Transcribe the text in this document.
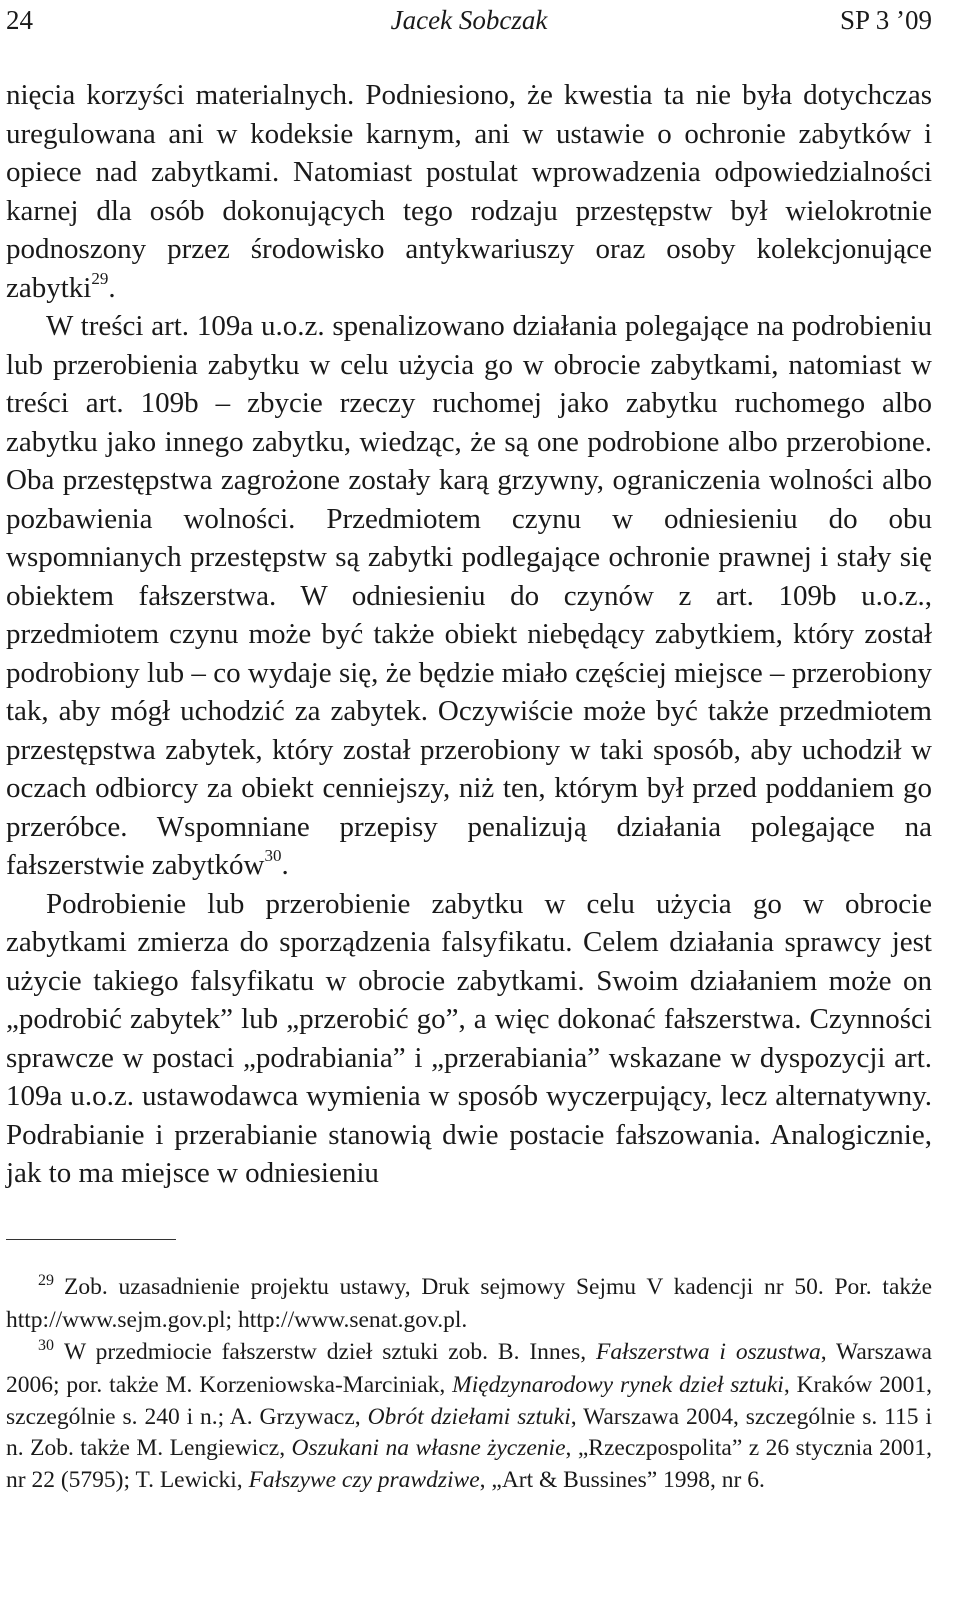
24	Jacek Sobczak	SP 3 ’09

nięcia korzyści materialnych. Podniesiono, że kwestia ta nie była dotychczas uregulowana ani w kodeksie karnym, ani w ustawie o ochronie zabytków i opiece nad zabytkami. Natomiast postulat wprowadzenia odpowiedzialności karnej dla osób dokonujących tego rodzaju przestępstw był wielokrotnie podnoszony przez środowisko antykwariuszy oraz osoby kolekcjonujące zabytki$^{29}$.

W treści art. 109a u.o.z. spenalizowano działania polegające na podrobieniu lub przerobienia zabytku w celu użycia go w obrocie zabytkami, natomiast w treści art. 109b – zbycie rzeczy ruchomej jako zabytku ruchomego albo zabytku jako innego zabytku, wiedząc, że są one podrobione albo przerobione. Oba przestępstwa zagrożone zostały karą grzywny, ograniczenia wolności albo pozbawienia wolności. Przedmiotem czynu w odniesieniu do obu wspomnianych przestępstw są zabytki podlegające ochronie prawnej i stały się obiektem fałszerstwa. W odniesieniu do czynów z art. 109b u.o.z., przedmiotem czynu może być także obiekt niebędący zabytkiem, który został podrobiony lub – co wydaje się, że będzie miało częściej miejsce – przerobiony tak, aby mógł uchodzić za zabytek. Oczywiście może być także przedmiotem przestępstwa zabytek, który został przerobiony w taki sposób, aby uchodził w oczach odbiorcy za obiekt cenniejszy, niż ten, którym był przed poddaniem go przeróbce. Wspomniane przepisy penalizują działania polegające na fałszerstwie zabytków$^{30}$.

Podrobienie lub przerobienie zabytku w celu użycia go w obrocie zabytkami zmierza do sporządzenia falsyfikatu. Celem działania sprawcy jest użycie takiego falsyfikatu w obrocie zabytkami. Swoim działaniem może on „podrobić zabytek” lub „przerobić go”, a więc dokonać fałszerstwa. Czynności sprawcze w postaci „podrabiania” i „przerabiania” wskazane w dyspozycji art. 109a u.o.z. ustawodawca wymienia w sposób wyczerpujący, lecz alternatywny. Podrabianie i przerabianie stanowią dwie postacie fałszowania. Analogicznie, jak to ma miejsce w odniesieniu

29 Zob. uzasadnienie projektu ustawy, Druk sejmowy Sejmu V kadencji nr 50. Por. także http://www.sejm.gov.pl; http://www.senat.gov.pl.

30 W przedmiocie fałszerstw dzieł sztuki zob. B. Innes, Fałszerstwa i oszustwa, Warszawa 2006; por. także M. Korzeniowska-Marciniak, Międzynarodowy rynek dzieł sztuki, Kraków 2001, szczególnie s. 240 i n.; A. Grzywacz, Obrót dziełami sztuki, Warszawa 2004, szczególnie s. 115 i n. Zob. także M. Lengiewicz, Oszukani na własne życzenie, „Rzeczpospolita” z 26 stycznia 2001, nr 22 (5795); T. Lewicki, Fałszywe czy prawdziwe, „Art & Bussines” 1998, nr 6.
